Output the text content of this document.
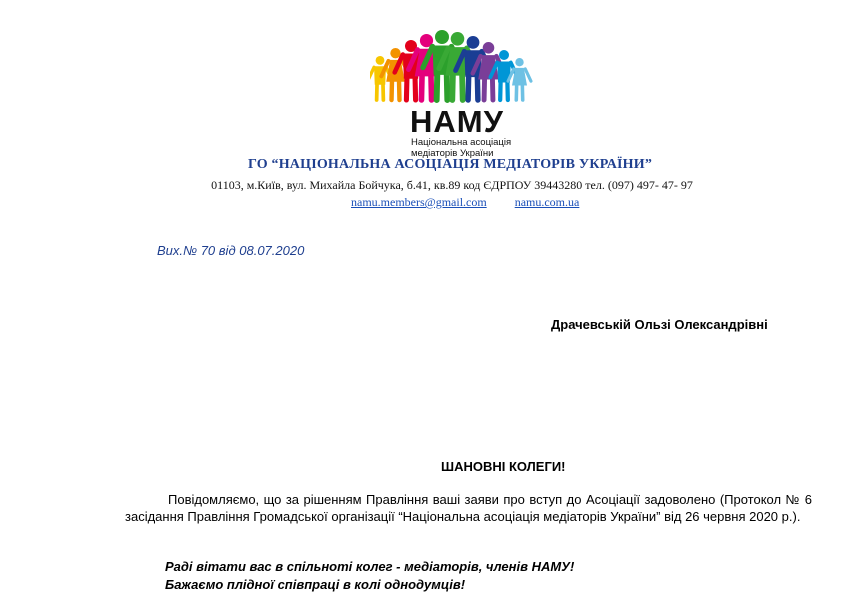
НАМУ
Національна асоціація
медіаторів України
ГО “НАЦІОНАЛЬНА АСОЦІАЦІЯ МЕДІАТОРІВ УКРАЇНИ”
01103, м.Київ, вул. Михайла Бойчука, б.41, кв.89 код ЄДРПОУ 39443280 тел. (097) 497- 47- 97
namu.members@gmail.com namu.com.ua
Вих.№ 70 від 08.07.2020
Драчевській Ользі Олександрівні
ШАНОВНІ КОЛЕГИ!

Повідомляємо, що за рішенням Правління ваші заяви про вступ до Асоціації задоволено (Протокол № 6 засідання Правління Громадської організації “Національна асоціація медіаторів України” від 26 червня 2020 р.).

Раді вітати вас в спільноті колег - медіаторів, членів НАМУ!
Бажаємо плідної співпраці в колі однодумців!
